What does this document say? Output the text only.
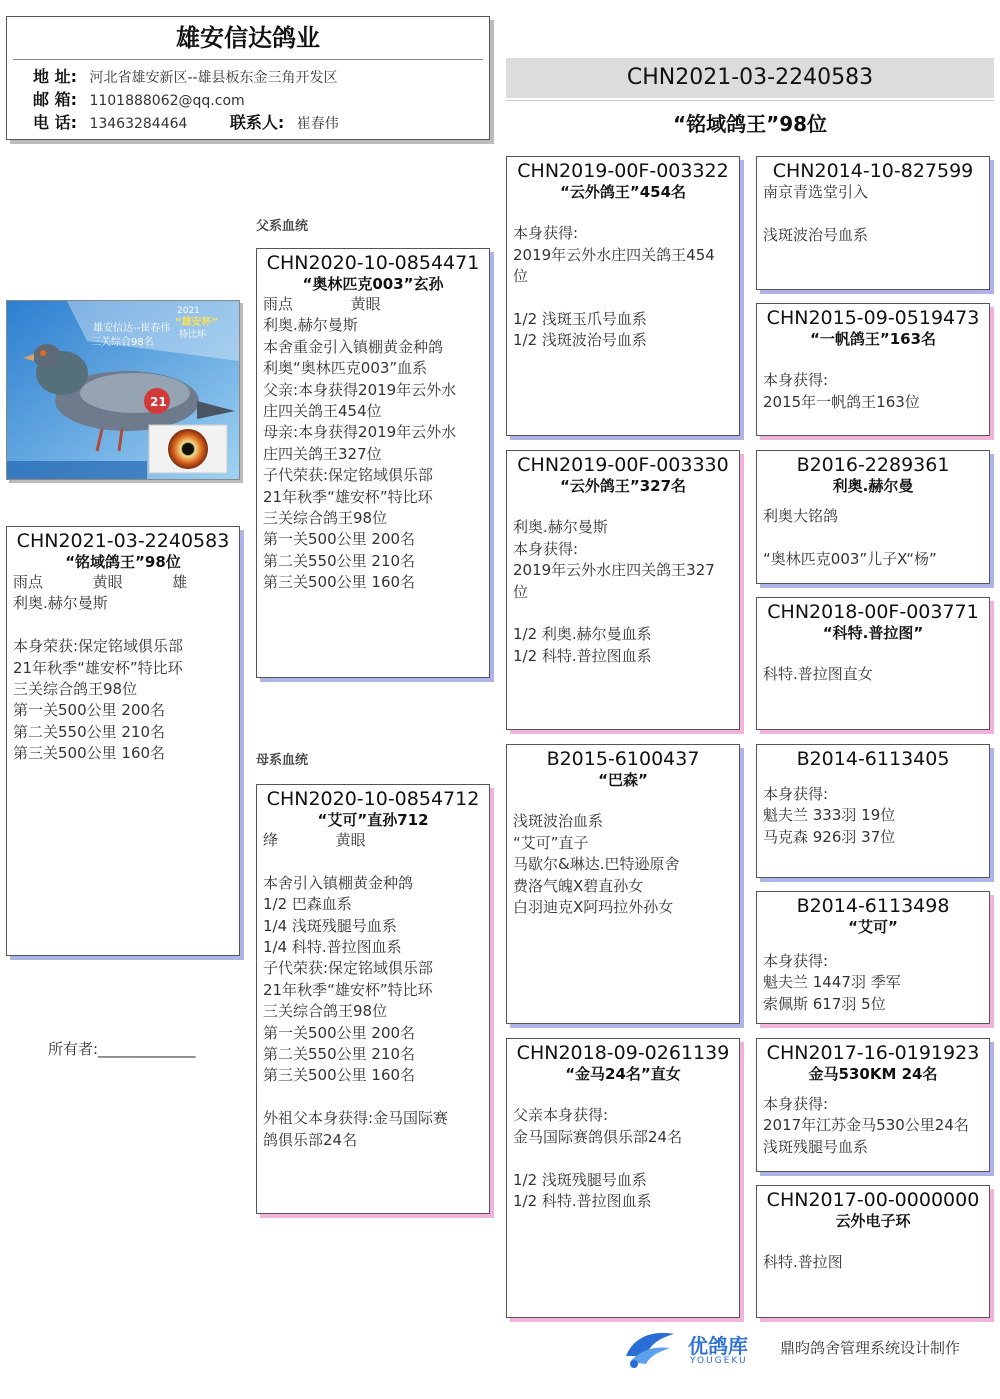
雄安信达鸽业
地 址: 河北省雄安新区--雄县板东金三角开发区
邮 箱: 1101888062@qq.com
电 话: 13463284464	联系人: 崔春伟
CHN2021-03-2240583
“铭域鸽王”98位
父系血统
母系血统
雄安信达--崔春伟
三关综合98名
2021
“雄安杯”
特比环
21
CHN2021-03-2240583
“铭域鸽王”98位
雨点	黄眼	雄
利奥.赫尔曼斯
本身荣获:保定铭域俱乐部
21年秋季“雄安杯”特比环
三关综合鸽王98位
第一关500公里 200名
第二关550公里 210名
第三关500公里 160名
所有者:_____________
CHN2020-10-0854471
“奥林匹克003”玄孙
雨点	黄眼
利奥.赫尔曼斯
本舍重金引入镇棚黄金种鸽
利奥“奥林匹克003”血系
父亲:本身获得2019年云外水
庄四关鸽王454位
母亲:本身获得2019年云外水
庄四关鸽王327位
子代荣获:保定铭域俱乐部
21年秋季“雄安杯”特比环
三关综合鸽王98位
第一关500公里 200名
第二关550公里 210名
第三关500公里 160名
CHN2020-10-0854712
“艾可”直孙712
绛	黄眼
本舍引入镇棚黄金种鸽
1/2 巴森血系
1/4 浅斑残腿号血系
1/4 科特.普拉图血系
子代荣获:保定铭域俱乐部
21年秋季“雄安杯”特比环
三关综合鸽王98位
第一关500公里 200名
第二关550公里 210名
第三关500公里 160名
外祖父本身获得:金马国际赛
鸽俱乐部24名
CHN2019-00F-003322
“云外鸽王”454名
本身获得:
2019年云外水庄四关鸽王454
位
1/2 浅斑玉爪号血系
1/2 浅斑波治号血系
CHN2019-00F-003330
“云外鸽王”327名
利奥.赫尔曼斯
本身获得:
2019年云外水庄四关鸽王327
位
1/2 利奥.赫尔曼血系
1/2 科特.普拉图血系
B2015-6100437
“巴森”
浅斑波治血系
“艾可”直子
马歇尔&琳达.巴特逊原舍
费洛气魄X碧直孙女
白羽迪克X阿玛拉外孙女
CHN2018-09-0261139
“金马24名”直女
父亲本身获得:
金马国际赛鸽俱乐部24名
1/2 浅斑残腿号血系
1/2 科特.普拉图血系
CHN2014-10-827599
南京青选堂引入
浅斑波治号血系
CHN2015-09-0519473
“一帆鸽王”163名
本身获得:
2015年一帆鸽王163位
B2016-2289361
利奥.赫尔曼
利奥大铭鸽
“奥林匹克003”儿子X“杨”
CHN2018-00F-003771
“科特.普拉图”
科特.普拉图直女
B2014-6113405
本身获得:
魁夫兰 333羽 19位
马克森 926羽 37位
B2014-6113498
“艾可”
本身获得:
魁夫兰 1447羽 季军
索佩斯 617羽 5位
CHN2017-16-0191923
金马530KM 24名
本身获得:
2017年江苏金马530公里24名
浅斑残腿号血系
CHN2017-00-0000000
云外电子环
科特.普拉图
优鸽库
YOUGEKU
鼎昀鸽舍管理系统设计制作
